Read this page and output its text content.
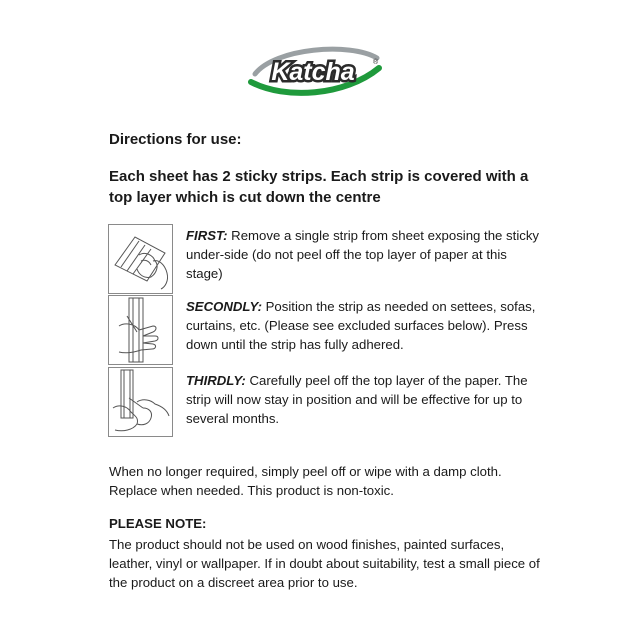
Katcha	®
Directions for use:
Each sheet has 2 sticky strips. Each strip is covered with a top layer which is cut down the centre
FIRST: Remove a single strip from sheet exposing the sticky under-side (do not peel off the top layer of paper at this stage)
SECONDLY: Position the strip as needed on settees, sofas, curtains, etc. (Please see excluded surfaces below). Press down until the strip has fully adhered.
THIRDLY: Carefully peel off the top layer of the paper. The strip will now stay in position and will be effective for up to several months.
When no longer required, simply peel off or wipe with a damp cloth. Replace when needed. This product is non-toxic.
PLEASE NOTE:
The product should not be used on wood finishes, painted surfaces, leather, vinyl or wallpaper. If in doubt about suitability, test a small piece of the product on a discreet area prior to use.
